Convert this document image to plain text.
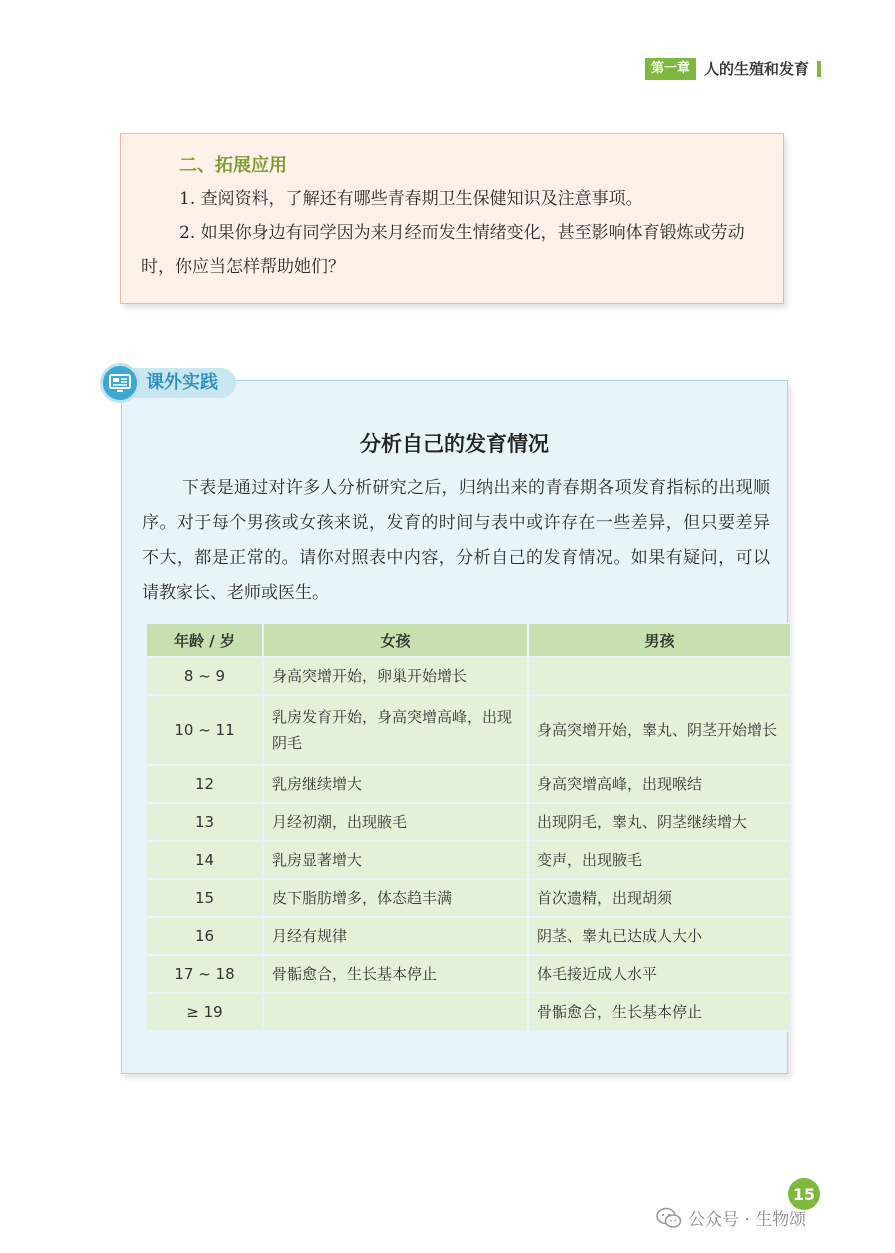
第一章 人的生殖和发育
二、拓展应用
1. 查阅资料，了解还有哪些青春期卫生保健知识及注意事项。
2. 如果你身边有同学因为来月经而发生情绪变化，甚至影响体育锻炼或劳动时，你应当怎样帮助她们？
分析自己的发育情况
下表是通过对许多人分析研究之后，归纳出来的青春期各项发育指标的出现顺序。对于每个男孩或女孩来说，发育的时间与表中或许存在一些差异，但只要差异不大，都是正常的。请你对照表中内容，分析自己的发育情况。如果有疑问，可以请教家长、老师或医生。
年龄 / 岁	女孩	男孩
8 ~ 9	身高突增开始，卵巢开始增长	
10 ~ 11	乳房发育开始，身高突增高峰，出现阴毛	身高突增开始，睾丸、阴茎开始增长
12	乳房继续增大	身高突增高峰，出现喉结
13	月经初潮，出现腋毛	出现阴毛，睾丸、阴茎继续增大
14	乳房显著增大	变声，出现腋毛
15	皮下脂肪增多，体态趋丰满	首次遗精，出现胡须
16	月经有规律	阴茎、睾丸已达成人大小
17 ~ 18	骨骺愈合，生长基本停止	体毛接近成人水平
≥ 19		骨骺愈合，生长基本停止
课外实践
15
公众号 · 生物颂
